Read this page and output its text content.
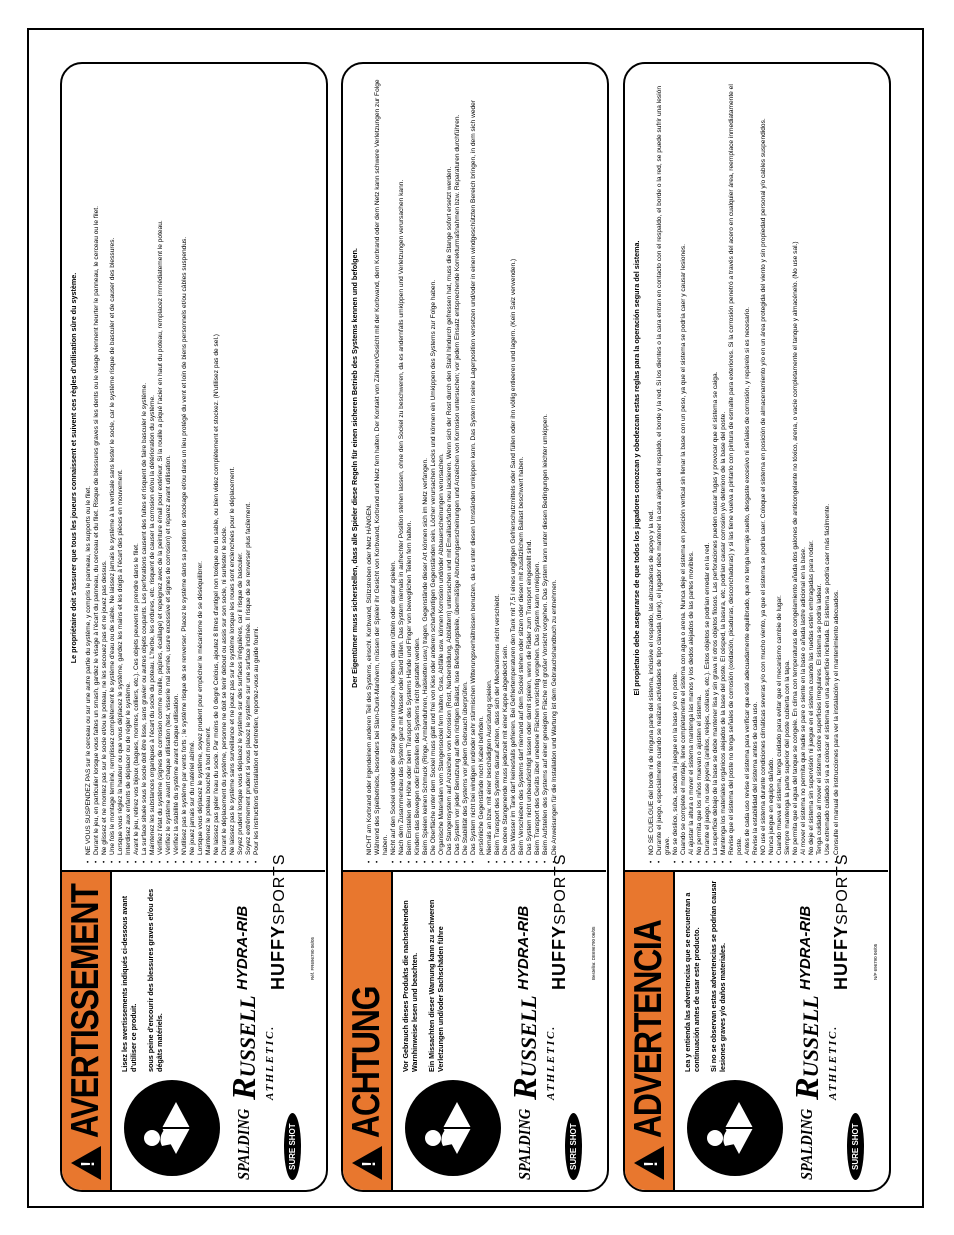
!
AVERTISSEMENT Lisez les avertissements indiqués ci-dessous avant d'utiliser ce produit. sous peine d'encourir des blessures graves et/ou des dégâts matériels.

SPALDING
RUSSELL ATHLETIC.
HYDRA-RIB
SURE SHOT
HUFFYSPORTS
Réf. FR696790 06/05
Le propriétaire doit s'assurer que tous les joueurs connaissent et suivent ces règles d'utilisation sûre du système.
• NE VOUS SUSPENDEZ PAS sur le cerceau ou sur une autre partie du système, y compris le panneau, les supports ou le filet. • Durant le jeu, en particulier lorsque vous faites un smash, gardez le visage à l'écart du panneau, du cerceau et du filet. Risque de blessures graves si les dents ou le visage viennent heurter le panneau, le cerceau ou le filet. • Ne glissez et ne montez pas sur le socle et/ou le poteau, ne les secouez pas et ne jouez pas dessus. • Une fois le montage terminé, remplissez complètement le système d'eau ou de sable. Ne laissez jamais le système à la verticale sans lester le socle, car le système risque de basculer et de causer des blessures. • Lorsque vous réglez la hauteur ou que vous déplacez le système, gardez les mains et les doigts à l'écart des pièces en mouvement. • Interdisez aux enfants de déplacer ou de régler le système. • Avant le jeu, retirez vos bijoux (bagues, montres, colliers, etc.). Ces objets peuvent se prendre dans le filet. • La surface située sous le socle doit être lisse, sans gravier ou autres objets coupants. Les perforations causent des fuites et risquent de faire basculer le système. • Maintenez les substances organiques à l'écart du socle du poteau. L'herbe, les ordures, etc. risquent de causer la corrosion et/ou la détérioration du système. • Vérifiez l'état du système (signes de corrosion comme rouille, piqûres, écaillage) et repeignez avec de la peinture émail pour extérieur. Si la rouille a piqué l'acier en haut du poteau, remplacez immédiatement le poteau. • Vérifiez le système avant chaque utilisation (test, visserie mal serrée, usure excessive et signes de corrosion) et réparez avant utilisation. • Vérifiez la stabilité du système avant chaque utilisation. • N'utilisez pas le système par vents forts ; le système risque de se renverser. Placez le système dans sa position de stockage et/ou dans un lieu protégé du vent et loin de biens personnels et/ou câbles suspendus. • Ne jouez jamais sur du matériel abîmé. • Lorsque vous déplacez le système, soyez prudent pour empêcher le mécanisme de se déséquilibrer. • Maintenez le poteau bouché à tout moment. • Ne laissez pas geler l'eau du socle. Par moins de 0 degré Celcius, ajoutez 8 litres d'antigel non toxique ou du sable, ou bien videz complètement et stockez. (N'utilisez pas de sel.) • Durant le déplacement du système, personne ne doit se tenir debout ou assis sur son socle, ni surlester le socle. • Ne laissez pas le système sans surveillance et ne jouez pas sur le système lorsque les roues sont enclenchées pour le déplacement. • Soyez prudent lorsque vous déplacez le système sur des surfaces irrégulières, car il risque de basculer. • Soyez extrêmement prudent si vous placez le système sur une surface inclinée. Il risque de se renverser plus facilement. • Pour les instructions d'installation et d'entretien, reportez-vous au guide fourni.
!
ACHTUNG Vor Gebrauch dieses Produkts die nachstehenden Warnhinweise lesen und beachten. Ein Missachten dieser Warnung kann zu schweren Verletzungen und/oder Sachschäden führe

SPALDING
RUSSELL ATHLETIC.
HYDRA-RIB
SURE SHOT
HUFFYSPORTS
Bestellnr. DE696790 06/05
Der Eigentümer muss sicherstellen, dass alle Spieler diese Regeln für einen sicheren Betrieb des Systems kennen und befolgen. • NICHT am Korbrand oder irgendeinem anderen Teil des Systems, einschl. Korbwand, Stützstreben oder Netz HÄNGEN. • Während des Spielbetriebs, besonders bei Slam-Dunk-Manövern, müssen der Spieler ihr Gesicht von Korbwand, Korbrand und Netz fern halten. Der Kontakt von Zähnen/Gesicht mit der Korbwand, dem Korbrand oder dem Netz kann schwere Verletzungen zur Folge haben. • Nicht auf den Sockel und/oder der Stange herumrutschen, klettern, daran rütteln oder darauf spielen. • Nach dem Zusammenbau das System ganz mit Wasser oder Sand füllen. Das System niemals in aufrechter Position stehen lassen, ohne den Sockel zu beschweren, da es andernfalls umkippen und Verletzungen verursachen kann. • Beim Einstellen der Höhe oder beim Transport des Systems Hände und Finger von beweglichen Teilen fern halten. • Kindern das Bewegen oder Einstellen des Systems nicht gestattet werden. • Beim Spielen keinen Schmuck (Ringe, Armbanduhren, Halsketten usw.) tragen. Gegenstände dieser Art können sich im Netz verfangen. • Die Oberfläche unter dem Sockel muss glatt und frei von Kies oder anderen scharfkantigen Gegenständen sein. Löcher verursachen Lecks und können ein Umkippen des Systems zur Folge haben. • Organische Materialien vom Stangensockel fern halten. Gras, Abfälle usw. können Korrosion und/oder Abbauerscheinungen verursachen. • Das Stangensystem auf Anzeichen von Korrosion (Rost, Narbenbildung, Abblättern) untersuchen und mit Emaillackfarbe neu lackieren. Wenn sich der Rost durch den Stahl hindurch gefressen hat, muss die Stange sofort ersetzt werden. • Das System vor jeder Benutzung auf den richtigen Ballast, lose Befestigungsteile, übermäßige Abnutzungserscheinungen und Anzeichen von Korrosion untersuchen; vor jedem Einsatz entsprechende Korrekturmaßnahmen bzw. Reparaturen durchführen. • Die Stabilität des Systems vor jedem Gebrauch überprüfen. • Das System nicht bei windigen und/oder sehr stürmischen Witterungsverhältnissen benutzen, da es unter diesen Umständen umkippen kann. Das System in seine Lagerposition versetzen und/oder in einen windgeschützten Bereich bringen, in dem sich weder persönliche Gegenstände noch Kabel befinden. • Niemals an bzw. mit einer beschädigten Ausrüstung spielen. • Beim Transport des Systems darauf achten, dass sich der Mechanismus nicht verschiebt. • Die obere Stangenende muss jederzeit mit einer Kappe abgedeckt sein. • Das Wasser im Tank darf keinesfalls gefrieren. Bei Gefriertemperaturen den Tank mit 7,5 l eines ungiftigen Gefrierschutzmittels oder Sand füllen oder ihn völlig entleeren und lagern. (Kein Salz verwenden.) • Beim Verschieben des Systems darf niemand auf dem Sockel stehen oder sitzen oder diesen mit zusätzlichem Ballast beschwert haben. • Das System nicht unbeaufsichtigt lassen oder damit spielen, wenn die Räder zum Transport eingestellt sind. • Beim Transport des Geräts über unebene Flächen vorsichtig vorgehen. Das System kann umkippen. • Beim Aufstellen des Systems auf einer geneigten Fläche mit großer Vorsicht vorgehen. Das System kann unter diesen Bedingungen leichter umkippen. • Die Anweisungen für die Installation und Wartung ist dem Gebrauchshandbuch zu entnehmen.
!
ADVERTENCIA Lea y entienda las advertencias que se encuentran a continuación antes de usar este producto. Si no se observan estas advertencias se podrían causar lesiones graves y/o daños materiales.

SPALDING
RUSSELL ATHLETIC.
HYDRA-RIB
SURE SHOT
HUFFYSPORTS
N/P 696790 06/05
El propietario debe asegurarse de que todos los jugadores conozcan y obedezcan estas reglas para la operación segura del sistema. • NO SE CUELGUE del borde ni de ninguna parte del sistema, inclusive el respaldo, las abrazaderas de apoyo y la red. • Durante el juego, especialmente cuando se realizan actividades de tipo clavada (dunk), el jugador debe mantener la cara alejada del respaldo, el borde y la red. Si los dientes o la cara entran en contacto con el respaldo, el borde o la red, se puede sufrir una lesión grave. • No se deslice, suba, sacuda ni juegue en la base y/o en poste. • Cuando se complete el montaje, llene completamente el sistema con agua o arena. Nunca deje el sistema en posición vertical sin llenar la base con un peso, ya que el sistema se podría caer y causar lesiones. • Al ajustar la altura o mover el sistema mantenga las manos y los dedos alejados de las partes movibles. • No permita que los niños muevan o ajusten el sistema. • Durante el juego, no use joyería (anillos, relojes, collares, etc.). Estos objetos se podrían enredar en la red. • La superficie debajo de la base se debe mantener lisa y sin grava ni otros objetos filosos. Las perforaciones pueden causar fugas y provocar que el sistema se caiga. • Mantenga los materiales orgánicos alejados de la base del poste. El césped, la basura, etc. podrían causar corrosión y/o deterioro de la base del poste. • Revise que el sistema del poste no tenga señales de corrosión (oxidación, picaduras, desconchaduras) y si las tiene vuelva a pintarlo con pintura de esmalte para exteriores. Si la corrosión penetró a través del acero en cualquier área, reemplace inmediatamente el poste. • Antes de cada uso revise el sistema para verificar que esté adecuadamente equilibrado, que no tenga herraje suelto, desgaste excesivo ni señales de corrosión, y repárelo si es necesario. • Revise la estabilidad del sistema antes de cada uso. • NO use el sistema durante condiciones climáticas severas y/o con mucho viento, ya que el sistema se podría caer. Coloque el sistema en posición de almacenamiento y/o en un área protegida del viento y sin propiedad personal y/o cables suspendidos. • Nunca juegue en equipo dañado. • Cuando mueva el sistema, tenga cuidado para evitar que el mecanismo cambie de lugar. • Siempre mantenga la parte superior del poste cubierta con la tapa. • No permita que el agua del tanque se congele. En clima con temperaturas de congelamiento añada dos galones de anticongelante no tóxico, arena, o vacíe completamente el tanque y almacénelo. (No use sal.) • Al mover el sistema no permita que nadie se pare o siente en la base o añada lastre adicional en la base. • No deje el sistema sin supervisión ni juegue en el sistema cuando las ruedas estén embragadas para rodar. • Tenga cuidado al mover el sistema sobre superficies irregulares. El sistema se podría ladear. • Use extremado cuidado si va a colocar el sistema en una superficie inclinada. El sistema se podría caer más fácilmente. • Consulte el manual de instrucciones para ver la instalación y el mantenimiento adecuados.
